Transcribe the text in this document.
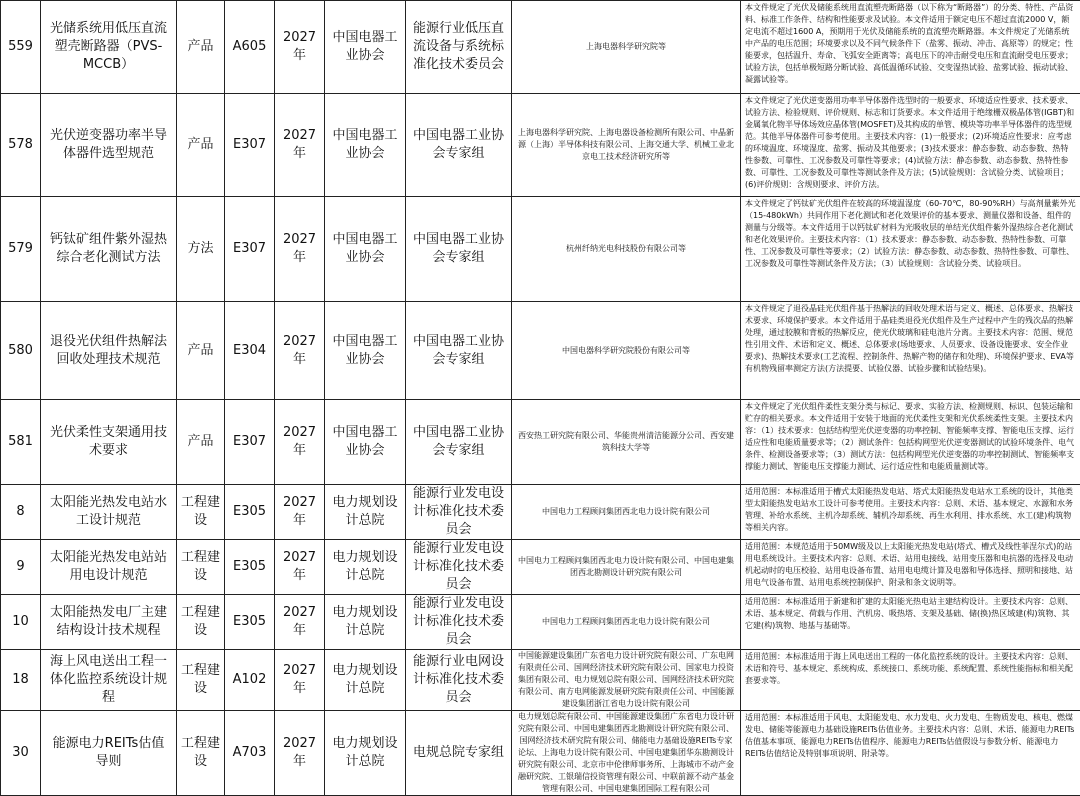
559	光储系统用低压直流塑壳断路器（PVS-MCCB）	产品	A605	2027年	中国电器工业协会	能源行业低压直流设备与系统标准化技术委员会	上海电器科学研究院等	本文件规定了光伏及储能系统用直流塑壳断路器（以下称为“断路器”）的分类、特性、产品资料、标准工作条件、结构和性能要求及试验。本文件适用于额定电压不超过直流2000 V，额定电流不超过1600 A，预期用于光伏及储能系统的直流塑壳断路器。本文件规定了光储系统中产品的电压范围；环境要求以及不同气候条件下（盐雾、振动、冲击、高原等）的规定；性能要求，包括温升、寿命、飞弧安全距离等；高电压下的冲击耐受电压和直流耐受电压要求；试验方法，包括单极短路分断试验、高低温循环试验、交变湿热试验、盐雾试验、振动试验、凝露试验等。

578	光伏逆变器功率半导体器件选型规范	产品	E307	2027年	中国电器工业协会	中国电器工业协会专家组	上海电器科学研究院、上海电器设备检测所有限公司、中晶新源（上海）半导体科技有限公司、上海交通大学、机械工业北京电工技术经济研究所等	本文件规定了光伏逆变器用功率半导体器件选型时的一般要求、环境适应性要求、技术要求、试验方法、检验规则、评价规则、标志和订货要求。本文件适用于绝缘栅双极晶体管(IGBT)和金属氧化物半导体场效应晶体管(MOSFET)及其构成的单管、模块等功率半导体器件的选型规范。其他半导体器件可参考使用。主要技术内容：(1)一般要求；(2)环境适应性要求：应考虑的环境温度、环境湿度、盐雾、振动及其他要求；(3)技术要求：静态参数、动态参数、热特性参数、可靠性、工况参数及可靠性等要求；(4)试验方法：静态参数、动态参数、热特性参数、可靠性、工况参数及可靠性等测试条件及方法；(5)试验规则：含试验分类、试验项目；(6)评价规则：含规则要求、评价方法。

579	钙钛矿组件紫外湿热综合老化测试方法	方法	E307	2027年	中国电器工业协会	中国电器工业协会专家组	杭州纤纳光电科技股份有限公司等	本文件规定了钙钛矿光伏组件在较高的环境温湿度（60-70℃，80-90%RH）与高剂量紫外光（15-480kWh）共同作用下老化测试和老化效果评价的基本要求、测量仪器和设备、组件的测量与分级等。本文件适用于以钙钛矿材料为光吸收层的单结光伏组件紫外湿热综合老化测试和老化效果评价。主要技术内容：（1）技术要求：静态参数、动态参数、热特性参数、可靠性、工况参数及可靠性等要求；（2）试验方法：静态参数、动态参数、热特性参数、可靠性、工况参数及可靠性等测试条件及方法；（3）试验规则：含试验分类、试验项目。

580	退役光伏组件热解法回收处理技术规范	产品	E304	2027年	中国电器工业协会	中国电器工业协会专家组	中国电器科学研究院股份有限公司等	本文件规定了退役晶硅光伏组件基于热解法的回收处理术语与定义、概述、总体要求、热解技术要求、环境保护要求。本文件适用于晶硅类退役光伏组件及生产过程中产生的残次品的热解处理，通过胶膜和背板的热解反应，使光伏玻璃和硅电池片分离。主要技术内容：范围、规范性引用文件、术语和定义、概述、总体要求(场地要求、人员要求、设备设施要求、安全作业要求)、热解技术要求(工艺流程、控制条件、热解产物的储存和处理)、环境保护要求、EVA等有机物残留率测定方法(方法提要、试验仪器、试验步骤和试验结果)。

581	光伏柔性支架通用技术要求	产品	E307	2027年	中国电器工业协会	中国电器工业协会专家组	西安热工研究院有限公司、华能贵州清洁能源分公司、西安建筑科技大学等	本文件规定了光伏组件柔性支架分类与标记、要求、实验方法、检测规则、标识、包装运输和贮存的相关要求。本文件适用于安装于地面的光伏柔性支架和光伏系统柔性支架。主要技术内容：（1）技术要求：包括结构型光伏逆变器的功率控制、智能频率支撑、智能电压支撑、运行适应性和电能质量要求等；（2）测试条件：包括构网型光伏逆变器测试的试验环境条件、电气条件、检测设备要求等；（3）测试方法：包括构网型光伏逆变器的功率控制测试、智能频率支撑能力测试、智能电压支撑能力测试、运行适应性和电能质量测试等。

8	太阳能光热发电站水工设计规范	工程建设	E305	2027年	电力规划设计总院	能源行业发电设计标准化技术委员会	中国电力工程顾问集团西北电力设计院有限公司	适用范围：本标准适用于槽式太阳能热发电站、塔式太阳能热发电站水工系统的设计，其他类型太阳能热发电站水工设计可参考使用。主要技术内容：总则、术语、基本规定、水源和水务管理、补给水系统、主机冷却系统、辅机冷却系统、再生水利用、排水系统、水工(建)构筑物等相关内容。

9	太阳能光热发电站站用电设计规范	工程建设	E305	2027年	电力规划设计总院	能源行业发电设计标准化技术委员会	中国电力工程顾问集团西北电力设计院有限公司、中国电建集团西北勘测设计研究院有限公司	适用范围：本规范适用于50MW级及以上太阳能光热发电站(塔式、槽式及线性菲涅尔式)的站用电系统设计。主要技术内容：总则、术语、站用电接线、站用变压器和电抗器的选择及电动机起动时的电压校验、站用电设备布置、站用电电缆计算及电器和导体选择、照明和接地、站用电气设备布置、站用电系统控制保护、附录和条文说明等。

10	太阳能热发电厂主建结构设计技术规程	工程建设	E305	2027年	电力规划设计总院	能源行业发电设计标准化技术委员会	中国电力工程顾问集团西北电力设计院有限公司	适用范围：本标准适用于新建和扩建的太阳能光热电站主建结构设计。主要技术内容：总则、术语、基本规定、荷载与作用、汽机房、吸热塔、支架及基础、储(换)热区域建(构)筑物、其它建(构)筑物、地基与基础等。

18	海上风电送出工程一体化监控系统设计规程	工程建设	A102	2027年	电力规划设计总院	能源行业电网设计标准化技术委员会	中国能源建设集团广东省电力设计研究院有限公司、广东电网有限责任公司、国网经济技术研究院有限公司、国家电力投资集团有限公司、电力规划总院有限公司、国网经济技术研究院有限公司、南方电网能源发展研究院有限责任公司、中国能源建设集团浙江省电力设计院有限公司	适用范围：本标准适用于海上风电送出工程的一体化监控系统的设计。主要技术内容：总则、术语和符号、基本规定、系统构成、系统接口、系统功能、系统配置、系统性能指标和相关配套要求等。

30	能源电力REITs估值导则	工程建设	A703	2027年	电力规划设计总院	电规总院专家组	电力规划总院有限公司、中国能源建设集团广东省电力设计研究院有限公司、中国电建集团西北勘测设计研究院有限公司、国网经济技术研究院有限公司、储能电力基础设施REITs专家论坛、上海电力设计院有限公司、中国电建集团华东勘测设计研究院有限公司、北京市中伦律师事务所、上海城市不动产金融研究院、工银瑞信投资管理有限公司、中联前源不动产基金管理有限公司、中国电建集团国际工程有限公司	适用范围：本标准适用于风电、太阳能发电、水力发电、火力发电、生物质发电、核电、燃煤发电、储能等能源电力基础设施REITs估值业务。主要技术内容：总则、术语、能源电力REITs估值基本事项、能源电力REITs估值程序、能源电力REITs估值假设与参数分析、能源电力REITs估值结论及特别事项说明、附录等。
